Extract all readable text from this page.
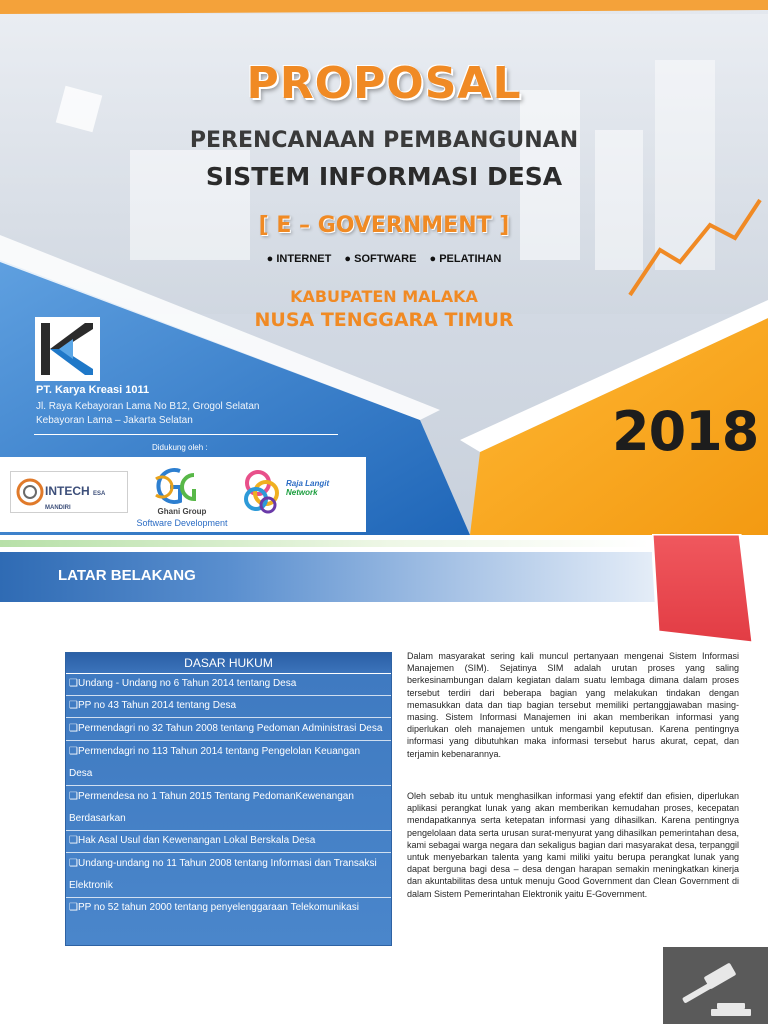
PROPOSAL
PERENCANAAN PEMBANGUNAN
SISTEM INFORMASI DESA
[ E – GOVERNMENT ]
● INTERNET ● SOFTWARE ● PELATIHAN
KABUPATEN MALAKA
NUSA TENGGARA TIMUR
PT. Karya Kreasi 1011
Jl. Raya Kebayoran Lama No B12, Grogol Selatan
Kebayoran Lama – Jakarta Selatan
Didukung oleh :	2018
INTECH ESA MANDIRI	Ghani Group
Software Development
Raja Langit
Network
LATAR BELAKANG
DASAR HUKUM
❑Undang - Undang no 6 Tahun 2014 tentang Desa
❑PP no 43 Tahun 2014 tentang Desa
❑Permendagri no 32 Tahun 2008 tentang Pedoman Administrasi Desa
❑Permendagri no 113 Tahun 2014 tentang Pengelolan Keuangan Desa
❑Permendesa no 1 Tahun 2015 Tentang PedomanKewenangan Berdasarkan
❑Hak Asal Usul dan Kewenangan Lokal Berskala Desa
❑Undang-undang no 11 Tahun 2008 tentang Informasi dan Transaksi Elektronik
❑PP no 52 tahun 2000 tentang penyelenggaraan Telekomunikasi

Dalam masyarakat sering kali muncul pertanyaan mengenai Sistem Informasi Manajemen (SIM). Sejatinya SIM adalah urutan proses yang saling berkesinambungan dalam kegiatan dalam suatu lembaga dimana dalam proses tersebut terdiri dari beberapa bagian yang melakukan tindakan dengan memasukkan data dan tiap bagian tersebut memiliki pertanggjawaban masing-masing. Sistem Informasi Manajemen ini akan memberikan informasi yang diperlukan oleh manajemen untuk mengambil keputusan. Karena pentingnya informasi yang dibutuhkan maka informasi tersebut harus akurat, cepat, dan terjamin kebenarannya.

Oleh sebab itu untuk menghasilkan informasi yang efektif dan efisien, diperlukan aplikasi perangkat lunak yang akan memberikan kemudahan proses, kecepatan mendapatkannya serta ketepatan informasi yang dihasilkan. Karena pentingnya pengelolaan data serta urusan surat-menyurat yang dihasilkan pemerintahan desa, kami sebagai warga negara dan sekaligus bagian dari masyarakat desa, terpanggil untuk menyebarkan talenta yang kami miliki yaitu berupa perangkat lunak yang dapat berguna bagi desa – desa dengan harapan semakin meningkatkan kinerja dan akuntabilitas desa untuk menuju Good Government dan Clean Government di dalam Sistem Pemerintahan Elektronik yaitu E-Government.
